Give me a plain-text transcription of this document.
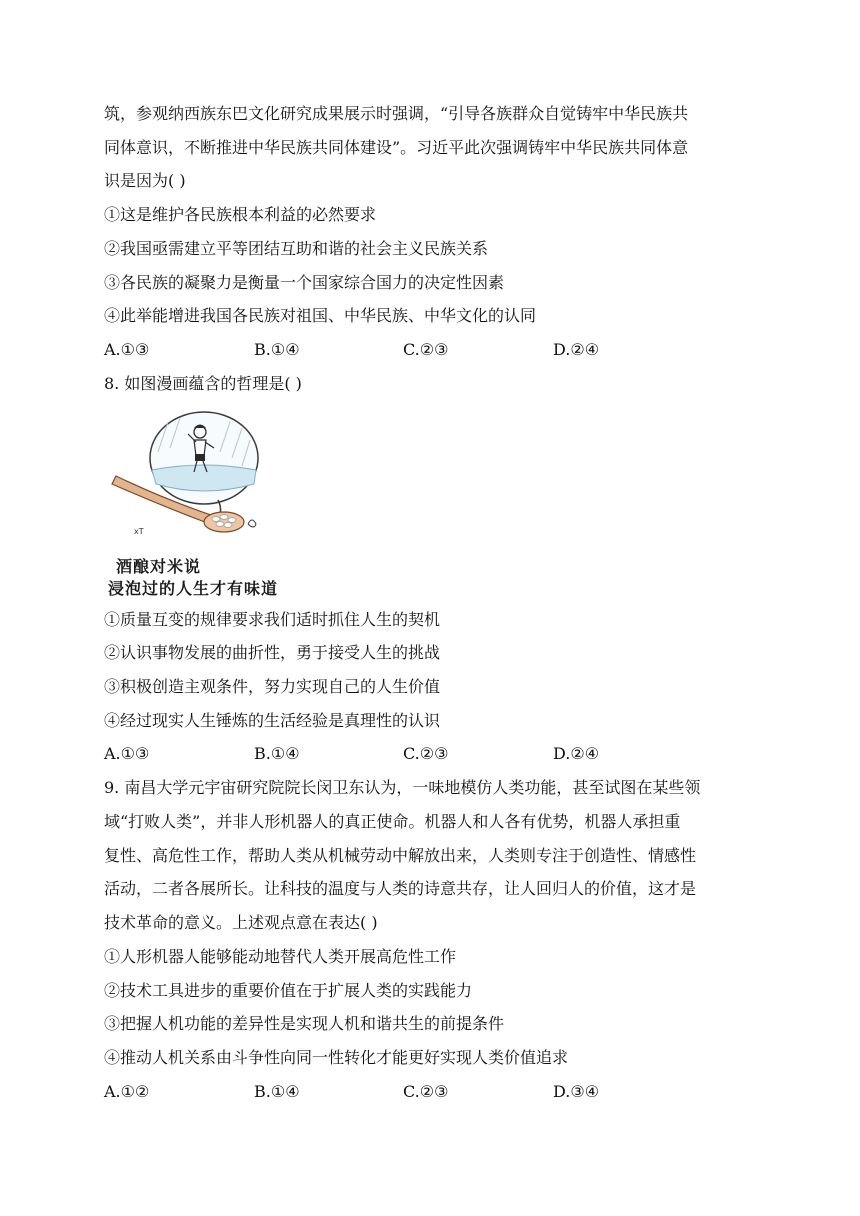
筑，参观纳西族东巴文化研究成果展示时强调，“引导各族群众自觉铸牢中华民族共
同体意识，不断推进中华民族共同体建设”。习近平此次强调铸牢中华民族共同体意
识是因为( )
①这是维护各民族根本利益的必然要求
②我国亟需建立平等团结互助和谐的社会主义民族关系
③各民族的凝聚力是衡量一个国家综合国力的决定性因素
④此举能增进我国各民族对祖国、中华民族、中华文化的认同
A.①③	B.①④	C.②③	D.②④
8. 如图漫画蕴含的哲理是( )
xT
酒酿对米说
浸泡过的人生才有味道
①质量互变的规律要求我们适时抓住人生的契机
②认识事物发展的曲折性，勇于接受人生的挑战
③积极创造主观条件，努力实现自己的人生价值
④经过现实人生锤炼的生活经验是真理性的认识
A.①③	B.①④	C.②③	D.②④
9. 南昌大学元宇宙研究院院长闵卫东认为，一味地模仿人类功能，甚至试图在某些领
域“打败人类”，并非人形机器人的真正使命。机器人和人各有优势，机器人承担重
复性、高危性工作，帮助人类从机械劳动中解放出来，人类则专注于创造性、情感性
活动，二者各展所长。让科技的温度与人类的诗意共存，让人回归人的价值，这才是
技术革命的意义。上述观点意在表达( )
①人形机器人能够能动地替代人类开展高危性工作
②技术工具进步的重要价值在于扩展人类的实践能力
③把握人机功能的差异性是实现人机和谐共生的前提条件
④推动人机关系由斗争性向同一性转化才能更好实现人类价值追求
A.①②	B.①④	C.②③	D.③④
